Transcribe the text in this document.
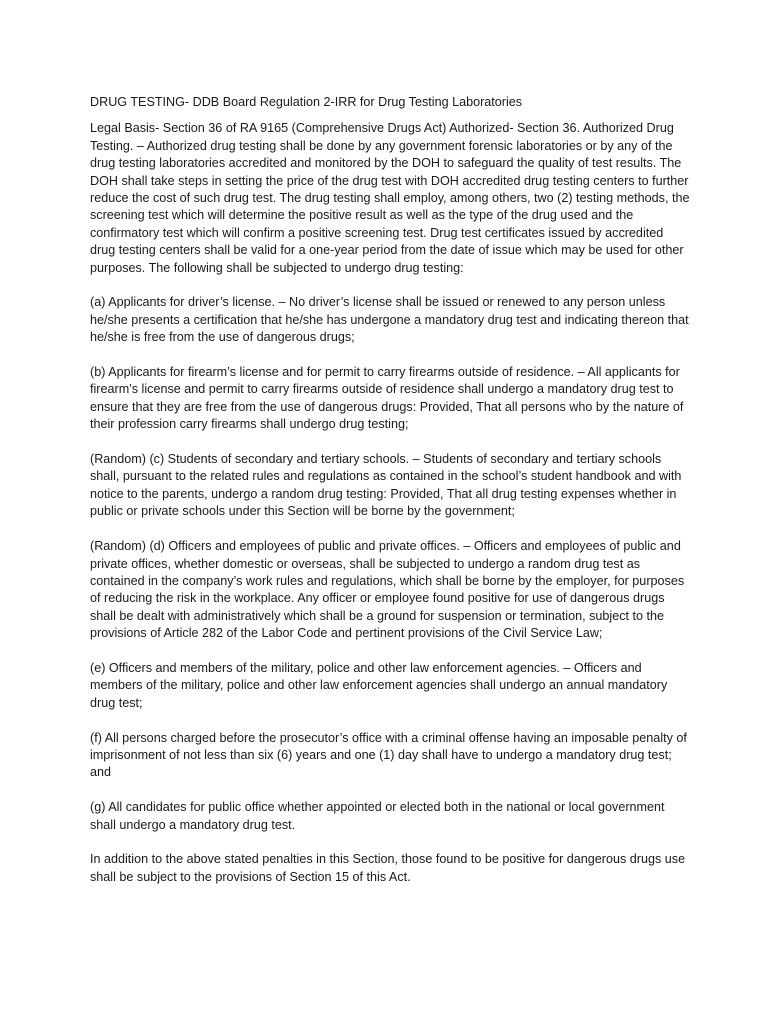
DRUG TESTING- DDB Board Regulation 2-IRR for Drug Testing Laboratories

Legal Basis- Section 36 of RA 9165 (Comprehensive Drugs Act) Authorized- Section 36. Authorized Drug Testing. – Authorized drug testing shall be done by any government forensic laboratories or by any of the drug testing laboratories accredited and monitored by the DOH to safeguard the quality of test results. The DOH shall take steps in setting the price of the drug test with DOH accredited drug testing centers to further reduce the cost of such drug test. The drug testing shall employ, among others, two (2) testing methods, the screening test which will determine the positive result as well as the type of the drug used and the confirmatory test which will confirm a positive screening test. Drug test certificates issued by accredited drug testing centers shall be valid for a one-year period from the date of issue which may be used for other purposes. The following shall be subjected to undergo drug testing:

(a) Applicants for driver’s license. – No driver’s license shall be issued or renewed to any person unless he/she presents a certification that he/she has undergone a mandatory drug test and indicating thereon that he/she is free from the use of dangerous drugs;

(b) Applicants for firearm’s license and for permit to carry firearms outside of residence. – All applicants for firearm’s license and permit to carry firearms outside of residence shall undergo a mandatory drug test to ensure that they are free from the use of dangerous drugs: Provided, That all persons who by the nature of their profession carry firearms shall undergo drug testing;

(Random) (c) Students of secondary and tertiary schools. – Students of secondary and tertiary schools shall, pursuant to the related rules and regulations as contained in the school’s student handbook and with notice to the parents, undergo a random drug testing: Provided, That all drug testing expenses whether in public or private schools under this Section will be borne by the government;

(Random) (d) Officers and employees of public and private offices. – Officers and employees of public and private offices, whether domestic or overseas, shall be subjected to undergo a random drug test as contained in the company’s work rules and regulations, which shall be borne by the employer, for purposes of reducing the risk in the workplace. Any officer or employee found positive for use of dangerous drugs shall be dealt with administratively which shall be a ground for suspension or termination, subject to the provisions of Article 282 of the Labor Code and pertinent provisions of the Civil Service Law;

(e) Officers and members of the military, police and other law enforcement agencies. – Officers and members of the military, police and other law enforcement agencies shall undergo an annual mandatory drug test;

(f) All persons charged before the prosecutor’s office with a criminal offense having an imposable penalty of imprisonment of not less than six (6) years and one (1) day shall have to undergo a mandatory drug test; and

(g) All candidates for public office whether appointed or elected both in the national or local government shall undergo a mandatory drug test.

In addition to the above stated penalties in this Section, those found to be positive for dangerous drugs use shall be subject to the provisions of Section 15 of this Act.
